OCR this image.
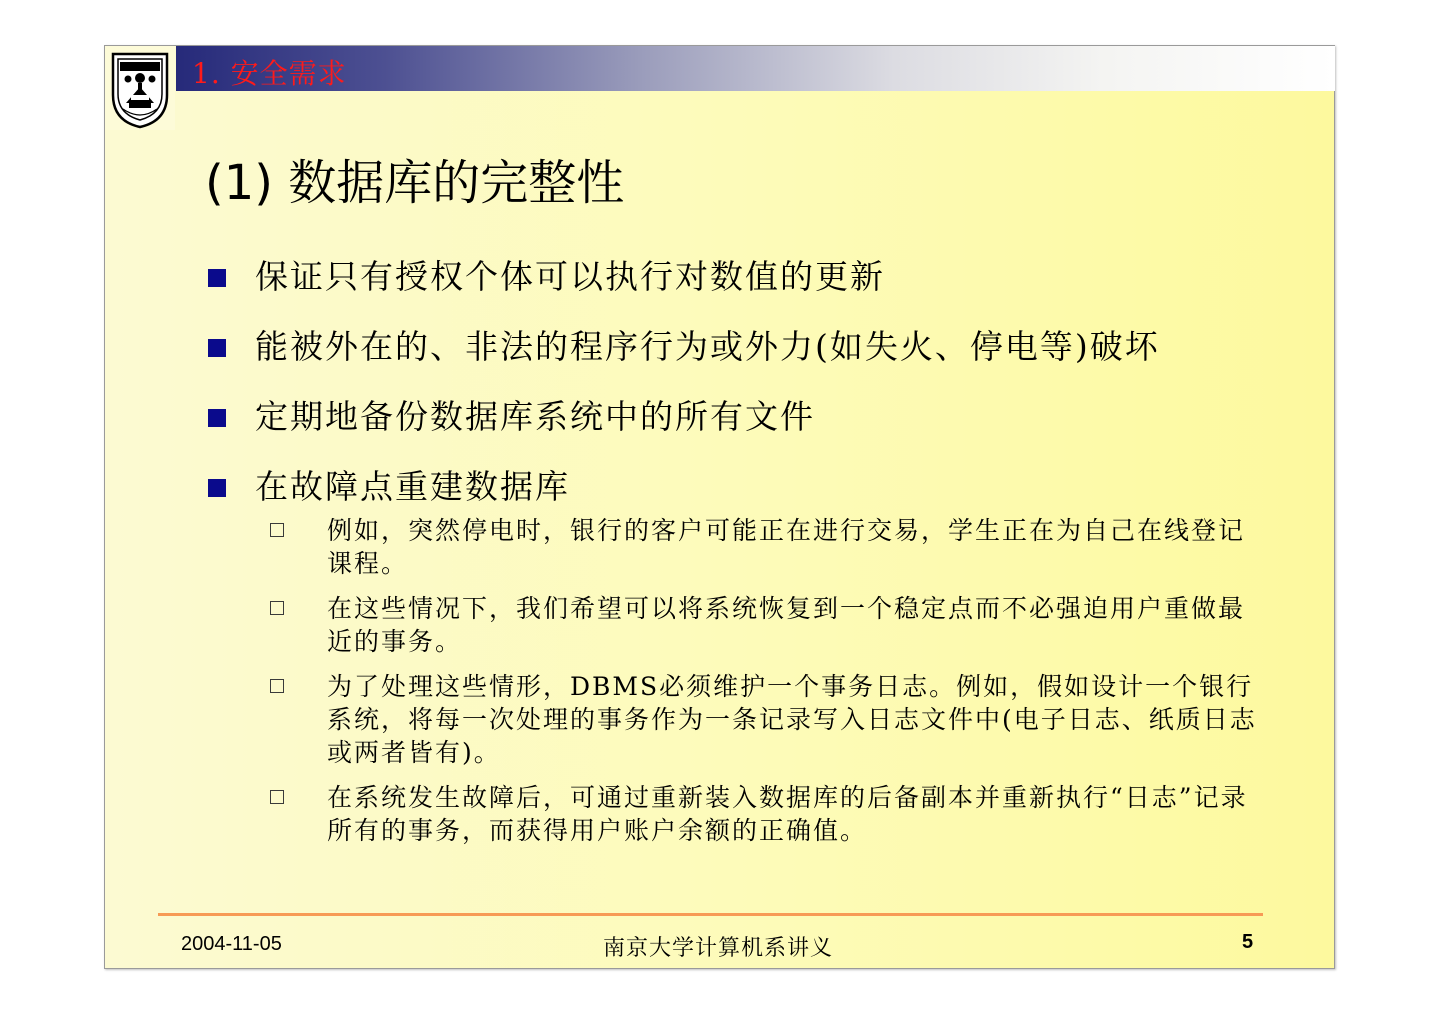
1. 安全需求
(1) 数据库的完整性
保证只有授权个体可以执行对数值的更新
能被外在的、非法的程序行为或外力(如失火、停电等)破坏
定期地备份数据库系统中的所有文件
在故障点重建数据库
例如，突然停电时，银行的客户可能正在进行交易，学生正在为自己在线登记课程。
在这些情况下，我们希望可以将系统恢复到一个稳定点而不必强迫用户重做最近的事务。
为了处理这些情形，DBMS必须维护一个事务日志。例如，假如设计一个银行系统，将每一次处理的事务作为一条记录写入日志文件中(电子日志、纸质日志或两者皆有)。
在系统发生故障后，可通过重新装入数据库的后备副本并重新执行“日志”记录所有的事务，而获得用户账户余额的正确值。
2004-11-05	南京大学计算机系讲义	5
